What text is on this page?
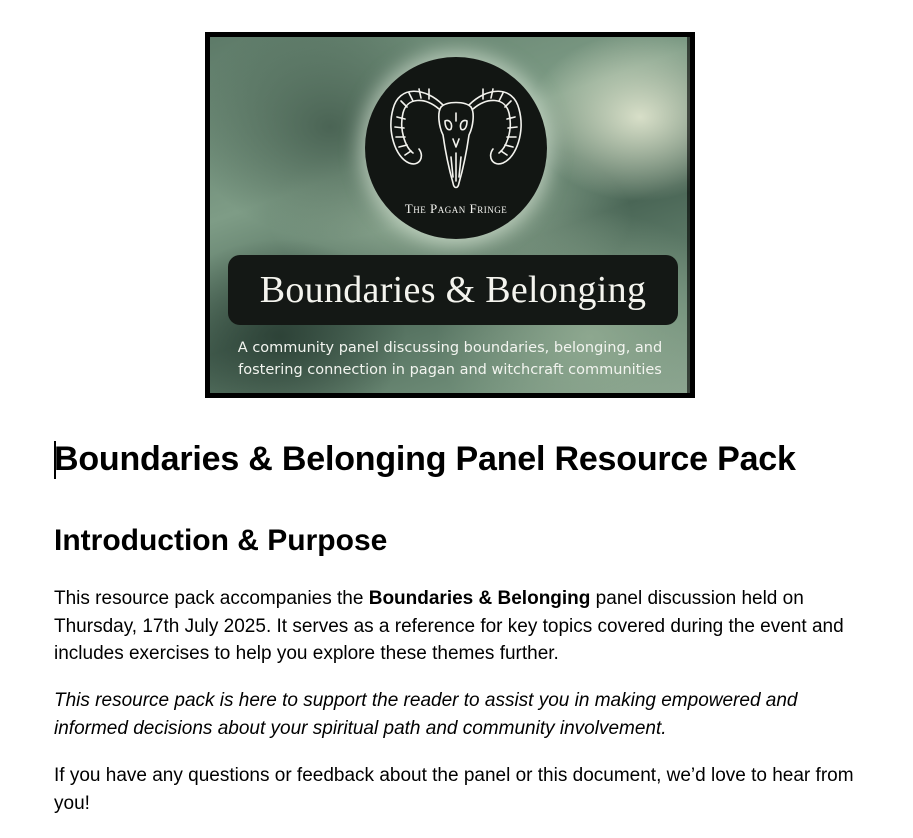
The Pagan Fringe
Boundaries & Belonging
A community panel discussing boundaries, belonging, and
fostering connection in pagan and witchcraft communities
Boundaries & Belonging Panel Resource Pack
Introduction & Purpose

This resource pack accompanies the Boundaries & Belonging panel discussion held on Thursday, 17th July 2025. It serves as a reference for key topics covered during the event and includes exercises to help you explore these themes further.

This resource pack is here to support the reader to assist you in making empowered and informed decisions about your spiritual path and community involvement.

If you have any questions or feedback about the panel or this document, we’d love to hear from you!
